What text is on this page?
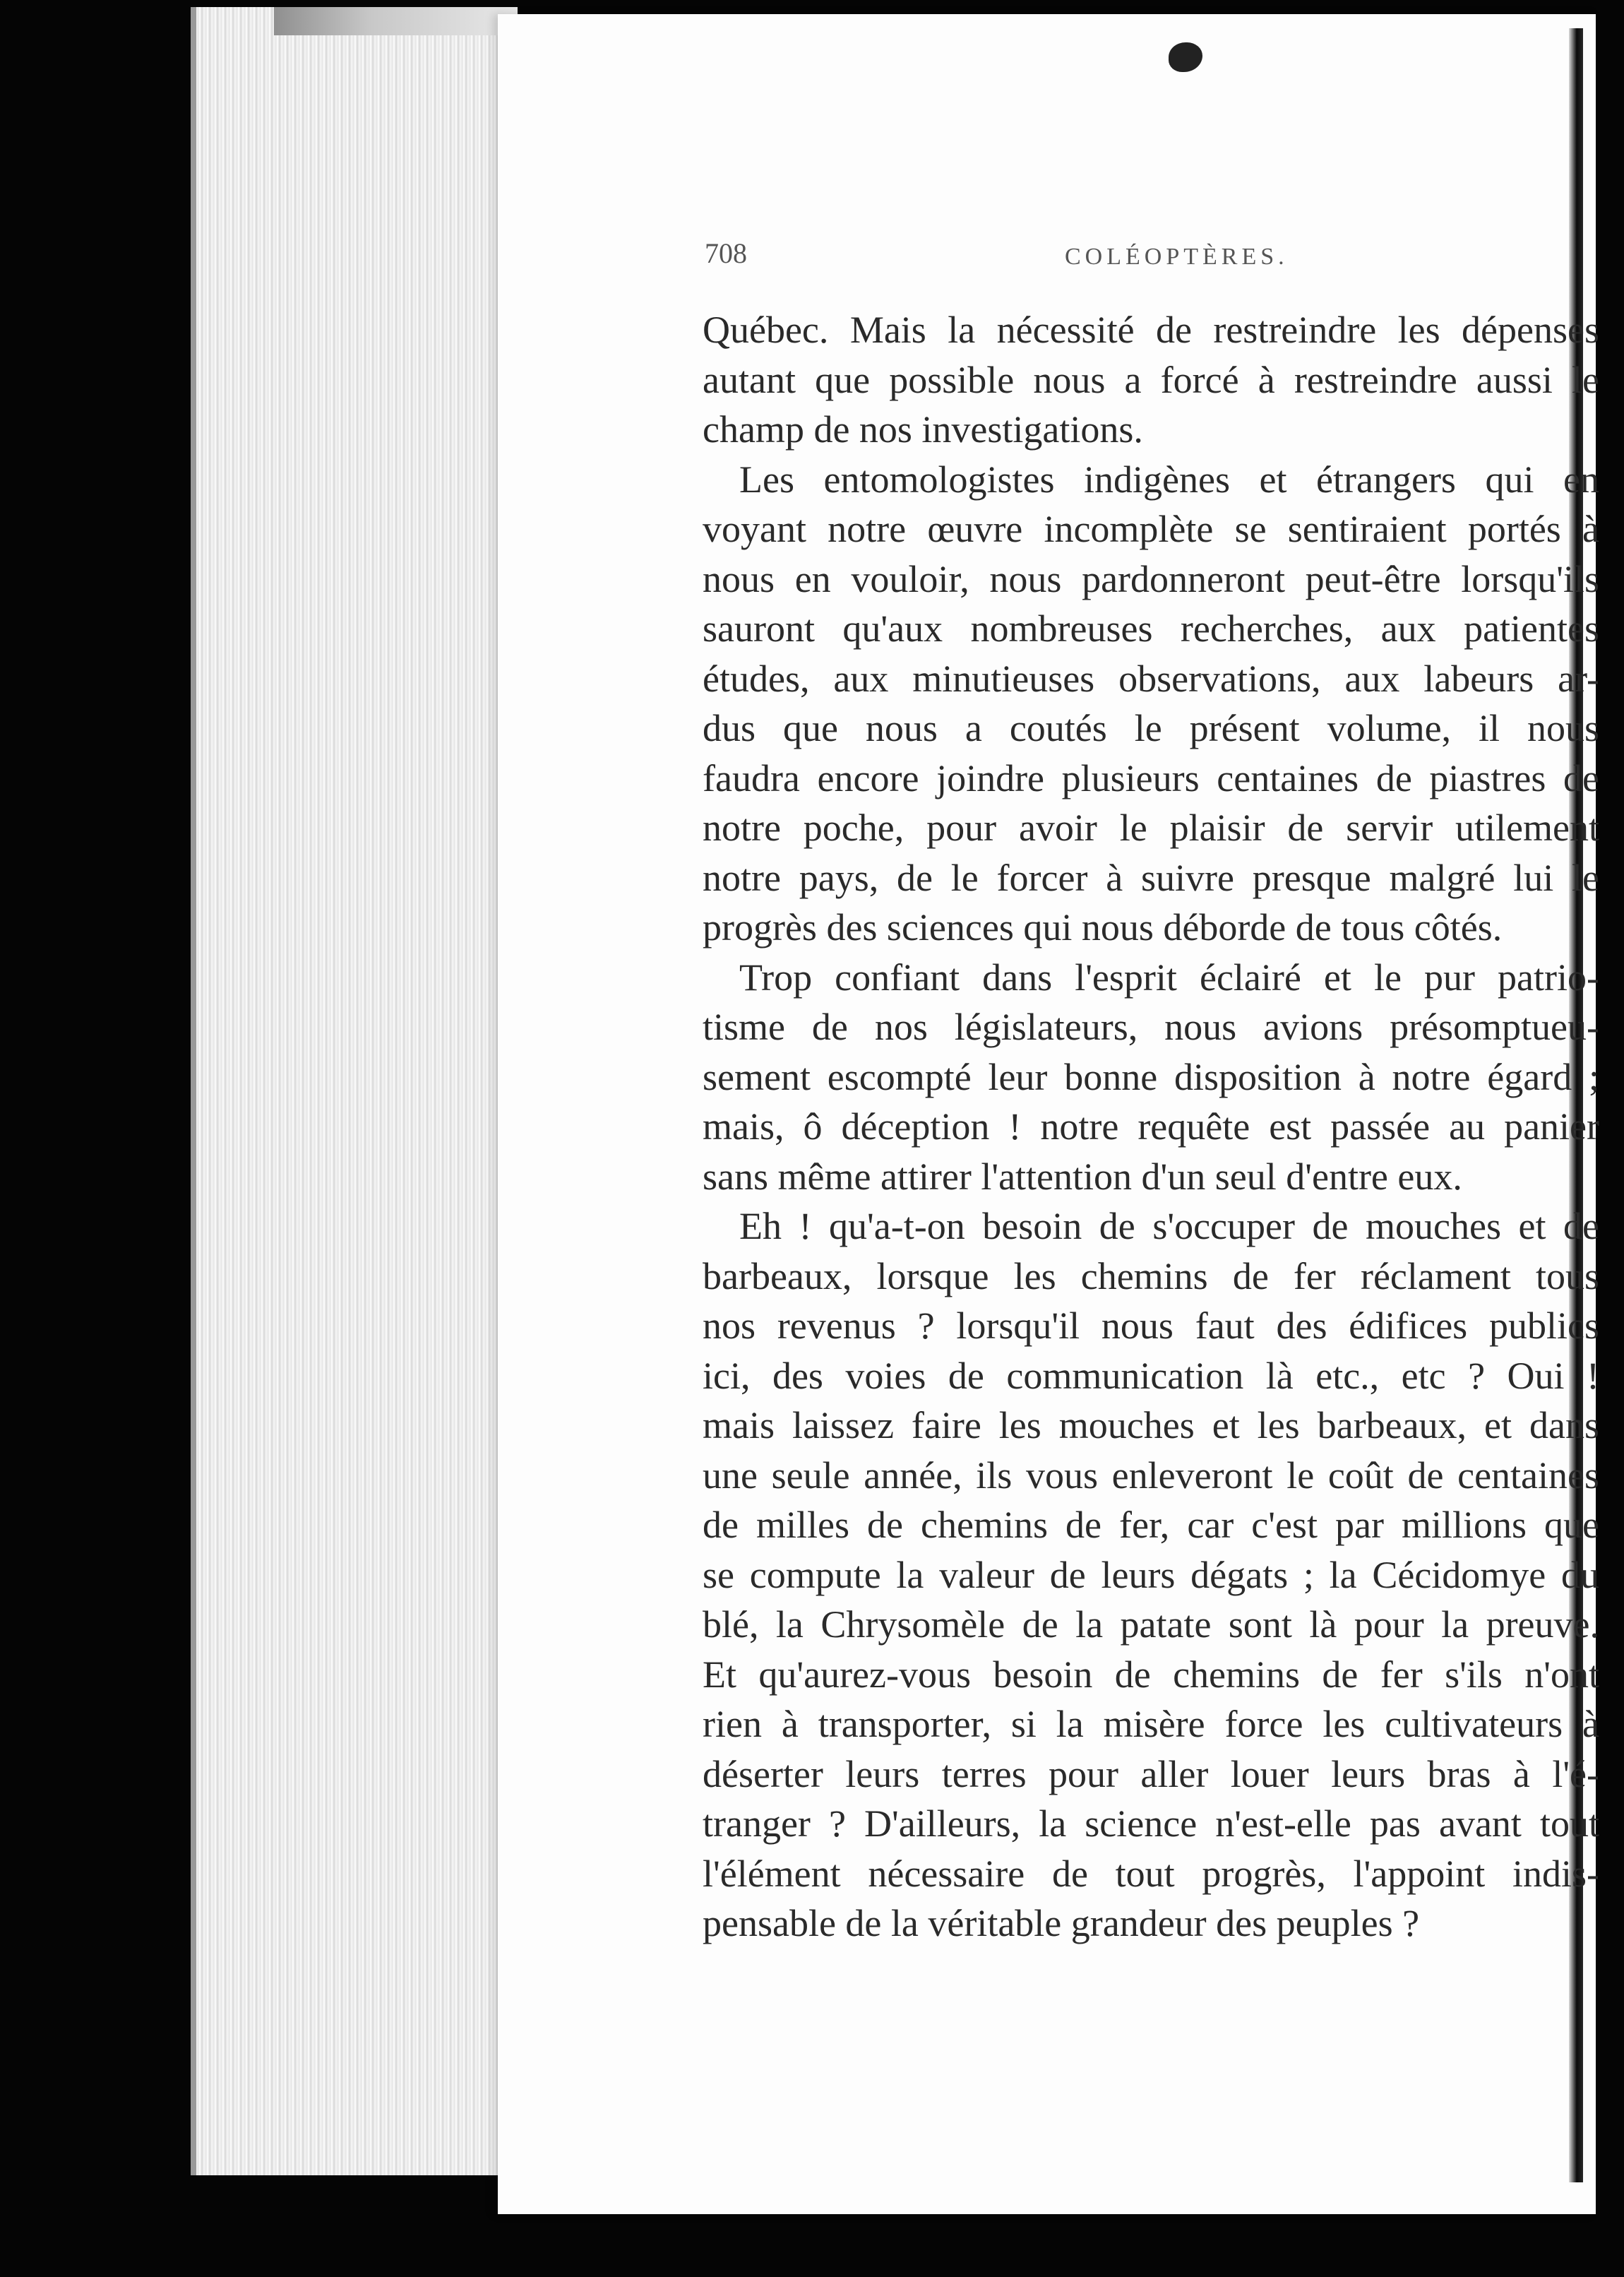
708	COLÉOPTÈRES.

Québec. Mais la nécessité de restreindre les dépenses
autant que possible nous a forcé à restreindre aussi le
champ de nos investigations.

Les entomologistes indigènes et étrangers qui en
voyant notre œuvre incomplète se sentiraient portés à
nous en vouloir, nous pardonneront peut-être lorsqu'ils
sauront qu'aux nombreuses recherches, aux patientes
études, aux minutieuses observations, aux labeurs ar-
dus que nous a coutés le présent volume, il nous
faudra encore joindre plusieurs centaines de piastres de
notre poche, pour avoir le plaisir de servir utilement
notre pays, de le forcer à suivre presque malgré lui le
progrès des sciences qui nous déborde de tous côtés.

Trop confiant dans l'esprit éclairé et le pur patrio-
tisme de nos législateurs, nous avions présomptueu-
sement escompté leur bonne disposition à notre égard ;
mais, ô déception ! notre requête est passée au panier
sans même attirer l'attention d'un seul d'entre eux.

Eh ! qu'a-t-on besoin de s'occuper de mouches et de
barbeaux, lorsque les chemins de fer réclament tous
nos revenus ? lorsqu'il nous faut des édifices publics
ici, des voies de communication là etc., etc ? Oui !
mais laissez faire les mouches et les barbeaux, et dans
une seule année, ils vous enleveront le coût de centaines
de milles de chemins de fer, car c'est par millions que
se compute la valeur de leurs dégats ; la Cécidomye du
blé, la Chrysomèle de la patate sont là pour la preuve.
Et qu'aurez-vous besoin de chemins de fer s'ils n'ont
rien à transporter, si la misère force les cultivateurs à
déserter leurs terres pour aller louer leurs bras à l'é-
tranger ? D'ailleurs, la science n'est-elle pas avant tout
l'élément nécessaire de tout progrès, l'appoint indis-
pensable de la véritable grandeur des peuples ?
